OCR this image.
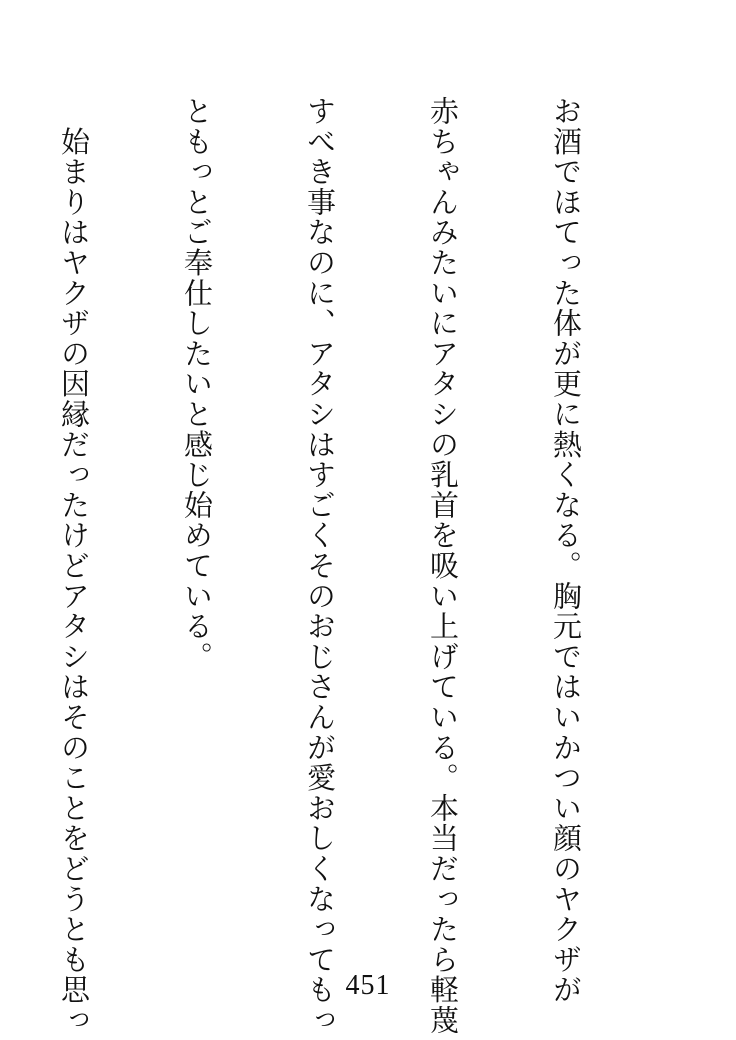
お酒でほてった体が更に熱くなる。胸元ではいかつい顔のヤクザが

赤ちゃんみたいにアタシの乳首を吸い上げている。本当だったら軽蔑

すべき事なのに、アタシはすごくそのおじさんが愛おしくなってもっ

ともっとご奉仕したいと感じ始めている。

　始まりはヤクザの因縁だったけどアタシはそのことをどうとも思っ

	451
